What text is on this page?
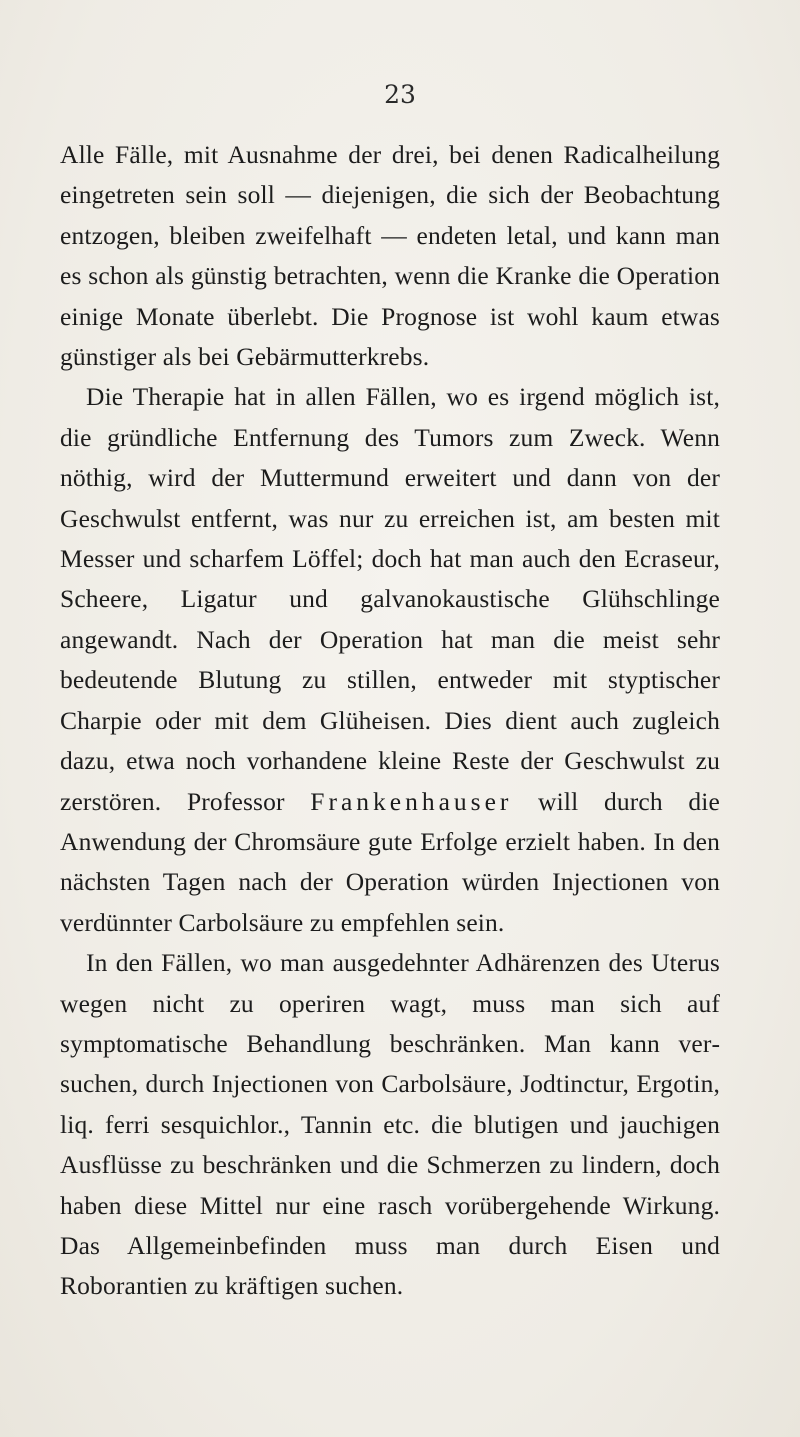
23

Alle Fälle, mit Ausnahme der drei, bei denen Radicalheilung eingetreten sein soll — diejenigen, die sich der Beobachtung entzogen, bleiben zweifelhaft — endeten letal, und kann man es schon als günstig betrachten, wenn die Kranke die Operation einige Monate überlebt. Die Prognose ist wohl kaum etwas günstiger als bei Gebärmutterkrebs.

Die Therapie hat in allen Fällen, wo es irgend möglich ist, die gründliche Entfernung des Tumors zum Zweck. Wenn nöthig, wird der Muttermund erweitert und dann von der Geschwulst entfernt, was nur zu erreichen ist, am besten mit Messer und scharfem Löffel; doch hat man auch den Ecraseur, Scheere, Ligatur und galvanokaustische Glühschlinge angewandt. Nach der Operation hat man die meist sehr bedeutende Blutung zu stillen, entweder mit styptischer Charpie oder mit dem Glüheisen. Dies dient auch zugleich dazu, etwa noch vorhandene kleine Reste der Geschwulst zu zerstören. Professor Frankenhauser will durch die Anwendung der Chromsäure gute Erfolge erzielt haben. In den nächsten Tagen nach der Operation würden Injectionen von verdünnter Carbolsäure zu empfehlen sein.

In den Fällen, wo man ausgedehnter Adhärenzen des Uterus wegen nicht zu operiren wagt, muss man sich auf symptomatische Behandlung beschränken. Man kann versuchen, durch Injectionen von Carbolsäure, Jodtinctur, Ergotin, liq. ferri sesquichlor., Tannin etc. die blutigen und jauchigen Ausflüsse zu beschränken und die Schmerzen zu lindern, doch haben diese Mittel nur eine rasch vorübergehende Wirkung. Das Allgemeinbefinden muss man durch Eisen und Roborantien zu kräftigen suchen.
